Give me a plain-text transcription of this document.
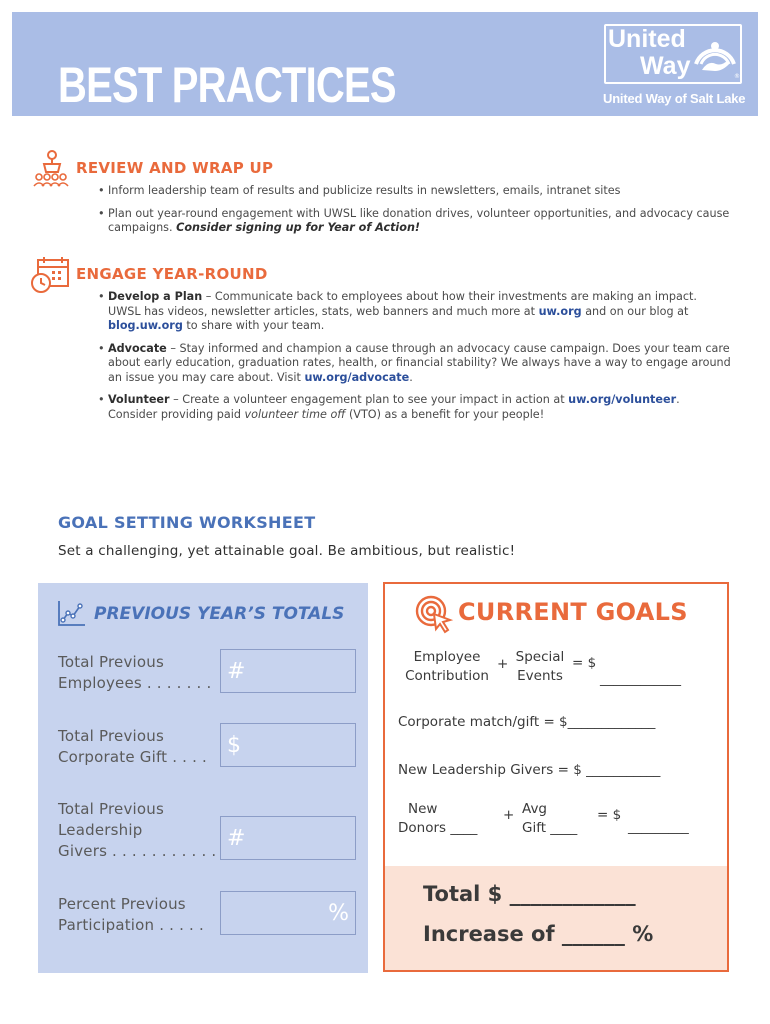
BEST PRACTICES
United
Way	®
United Way of Salt Lake
REVIEW AND WRAP UP
• Inform leadership team of results and publicize results in newsletters, emails, intranet sites
• Plan out year-round engagement with UWSL like donation drives, volunteer opportunities, and advocacy cause campaigns. Consider signing up for Year of Action!
ENGAGE YEAR-ROUND
• Develop a Plan – Communicate back to employees about how their investments are making an impact. UWSL has videos, newsletter articles, stats, web banners and much more at uw.org and on our blog at blog.uw.org to share with your team.
• Advocate – Stay informed and champion a cause through an advocacy cause campaign. Does your team care about early education, graduation rates, health, or financial stability? We always have a way to engage around an issue you may care about. Visit uw.org/advocate.
• Volunteer – Create a volunteer engagement plan to see your impact in action at uw.org/volunteer. Consider providing paid volunteer time off (VTO) as a benefit for your people!
GOAL SETTING WORKSHEET
Set a challenging, yet attainable goal. Be ambitious, but realistic!
PREVIOUS YEAR’S TOTALS
Total Previous
Employees . . . . . . . #
Total Previous
Corporate Gift . . . . $
Total Previous
Leadership
Givers . . . . . . . . . . .
#
Percent Previous
Participation . . . . .	%
CURRENT GOALS
Employee
Contribution
+ Special
Events
= $
____________
Corporate match/gift = $_____________
New Leadership Givers = $ ___________
New
Donors ____
+ Avg
Gift ____
= $
_________
Total $ ____________
Increase of ______ %
